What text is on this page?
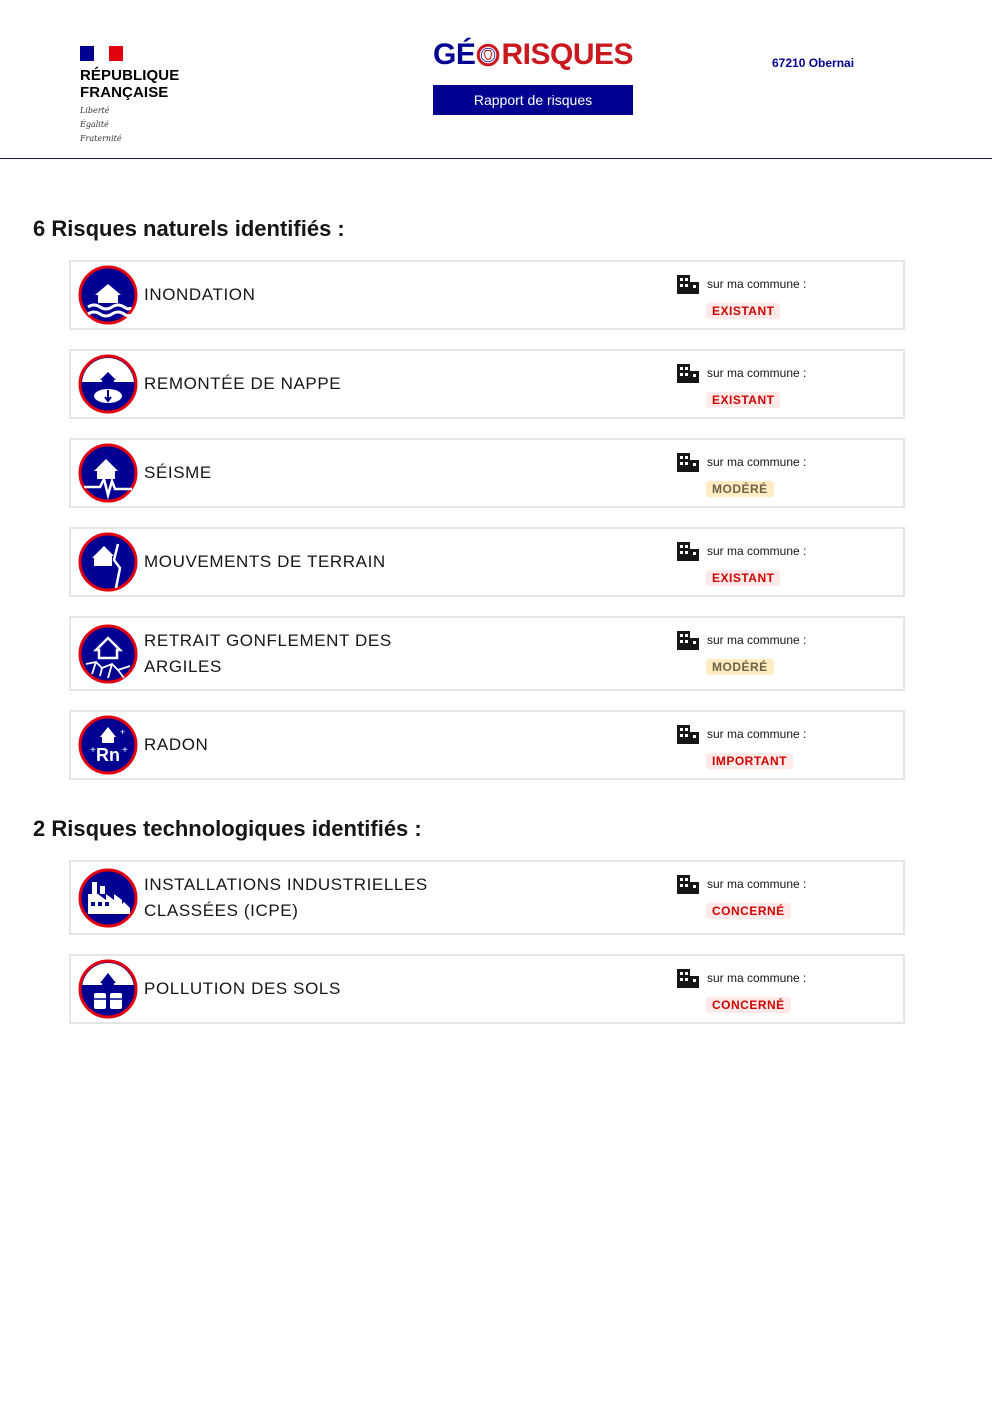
RÉPUBLIQUE
FRANÇAISE
Liberté
Égalité
Fraternité
GÉ RISQUES
Rapport de risques
67210 Obernai
6 Risques naturels identifiés :
INONDATION
sur ma commune :
EXISTANT
REMONTÉE DE NAPPE
sur ma commune :
EXISTANT
SÉISME
sur ma commune :
MODÉRÉ
MOUVEMENTS DE TERRAIN
sur ma commune :
EXISTANT
RETRAIT GONFLEMENT DES ARGILES
sur ma commune :
MODÉRÉ
Rn
+	+
+
RADON
sur ma commune :
IMPORTANT
2 Risques technologiques identifiés :
INSTALLATIONS INDUSTRIELLES CLASSÉES (ICPE)
sur ma commune :
CONCERNÉ
POLLUTION DES SOLS
sur ma commune :
CONCERNÉ
